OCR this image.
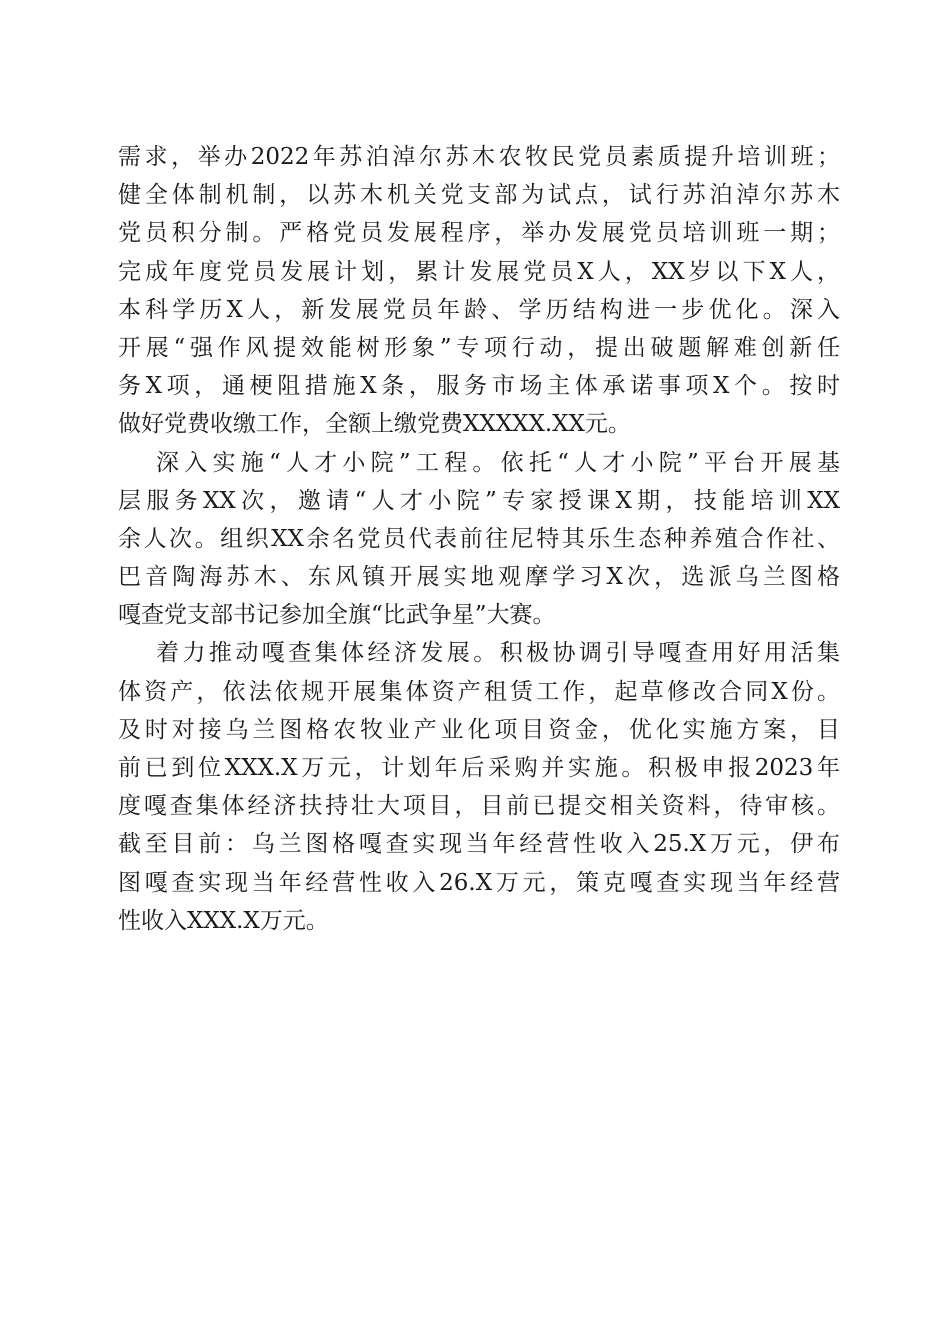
需求，举办2022年苏泊淖尔苏木农牧民党员素质提升培训班；
健全体制机制，以苏木机关党支部为试点，试行苏泊淖尔苏木
党员积分制。严格党员发展程序，举办发展党员培训班一期；
完成年度党员发展计划，累计发展党员X人，XX岁以下X人，
本科学历X人，新发展党员年龄、学历结构进一步优化。深入
开展“强作风提效能树形象”专项行动，提出破题解难创新任
务X项，通梗阻措施X条，服务市场主体承诺事项X个。按时
做好党费收缴工作，全额上缴党费XXXXX.XX元。
深入实施“人才小院”工程。依托“人才小院”平台开展基
层服务XX次，邀请“人才小院”专家授课X期，技能培训XX
余人次。组织XX余名党员代表前往尼特其乐生态种养殖合作社、
巴音陶海苏木、东风镇开展实地观摩学习X次，选派乌兰图格
嘎查党支部书记参加全旗“比武争星”大赛。
着力推动嘎查集体经济发展。积极协调引导嘎查用好用活集
体资产，依法依规开展集体资产租赁工作，起草修改合同X份。
及时对接乌兰图格农牧业产业化项目资金，优化实施方案，目
前已到位XXX.X万元，计划年后采购并实施。积极申报2023年
度嘎查集体经济扶持壮大项目，目前已提交相关资料，待审核。
截至目前：乌兰图格嘎查实现当年经营性收入25.X万元，伊布
图嘎查实现当年经营性收入26.X万元，策克嘎查实现当年经营
性收入XXX.X万元。
